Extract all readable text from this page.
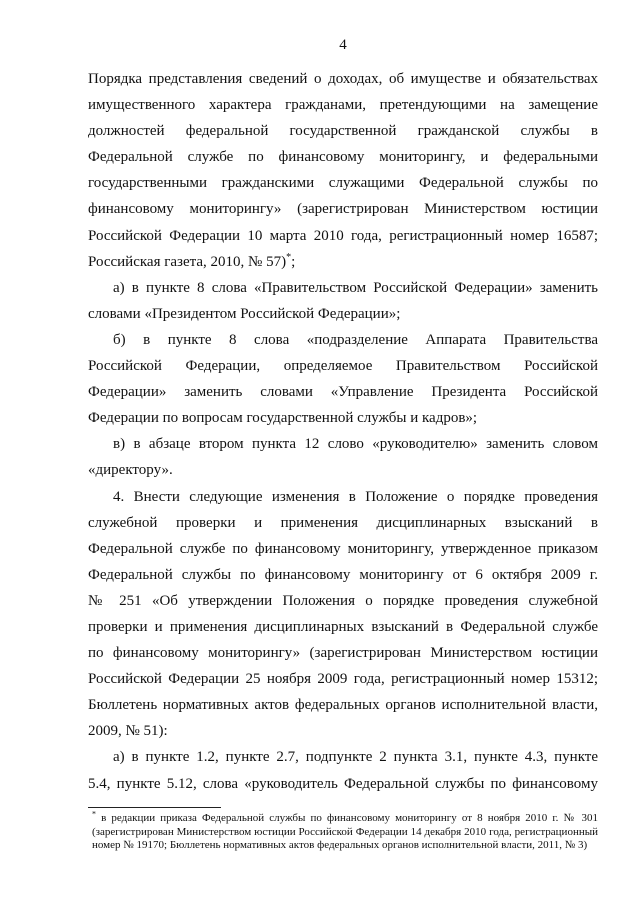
4
Порядка представления сведений о доходах, об имуществе и обязательствах
имущественного характера гражданами, претендующими на замещение
должностей федеральной государственной гражданской службы в
Федеральной службе по финансовому мониторингу, и федеральными
государственными гражданскими служащими Федеральной службы по
финансовому мониторингу» (зарегистрирован Министерством юстиции
Российской Федерации 10 марта 2010 года, регистрационный номер 16587;
Российская газета, 2010, № 57)*;
а) в пункте 8 слова «Правительством Российской Федерации» заменить
словами «Президентом Российской Федерации»;
б) в пункте 8 слова «подразделение Аппарата Правительства
Российской Федерации, определяемое Правительством Российской
Федерации» заменить словами «Управление Президента Российской
Федерации по вопросам государственной службы и кадров»;
в) в абзаце втором пункта 12 слово «руководителю» заменить словом
«директору».
4. Внести следующие изменения в Положение о порядке проведения
служебной проверки и применения дисциплинарных взысканий в
Федеральной службе по финансовому мониторингу, утвержденное приказом
Федеральной службы по финансовому мониторингу от 6 октября 2009 г.
№ 251 «Об утверждении Положения о порядке проведения служебной
проверки и применения дисциплинарных взысканий в Федеральной службе
по финансовому мониторингу» (зарегистрирован Министерством юстиции
Российской Федерации 25 ноября 2009 года, регистрационный номер 15312;
Бюллетень нормативных актов федеральных органов исполнительной власти,
2009, № 51):
а) в пункте 1.2, пункте 2.7, подпункте 2 пункта 3.1, пункте 4.3, пункте
5.4, пункте 5.12, слова «руководитель Федеральной службы по финансовому
* в редакции приказа Федеральной службы по финансовому мониторингу от 8 ноября 2010 г. № 301
(зарегистрирован Министерством юстиции Российской Федерации 14 декабря 2010 года, регистрационный
номер № 19170; Бюллетень нормативных актов федеральных органов исполнительной власти, 2011, № 3)
